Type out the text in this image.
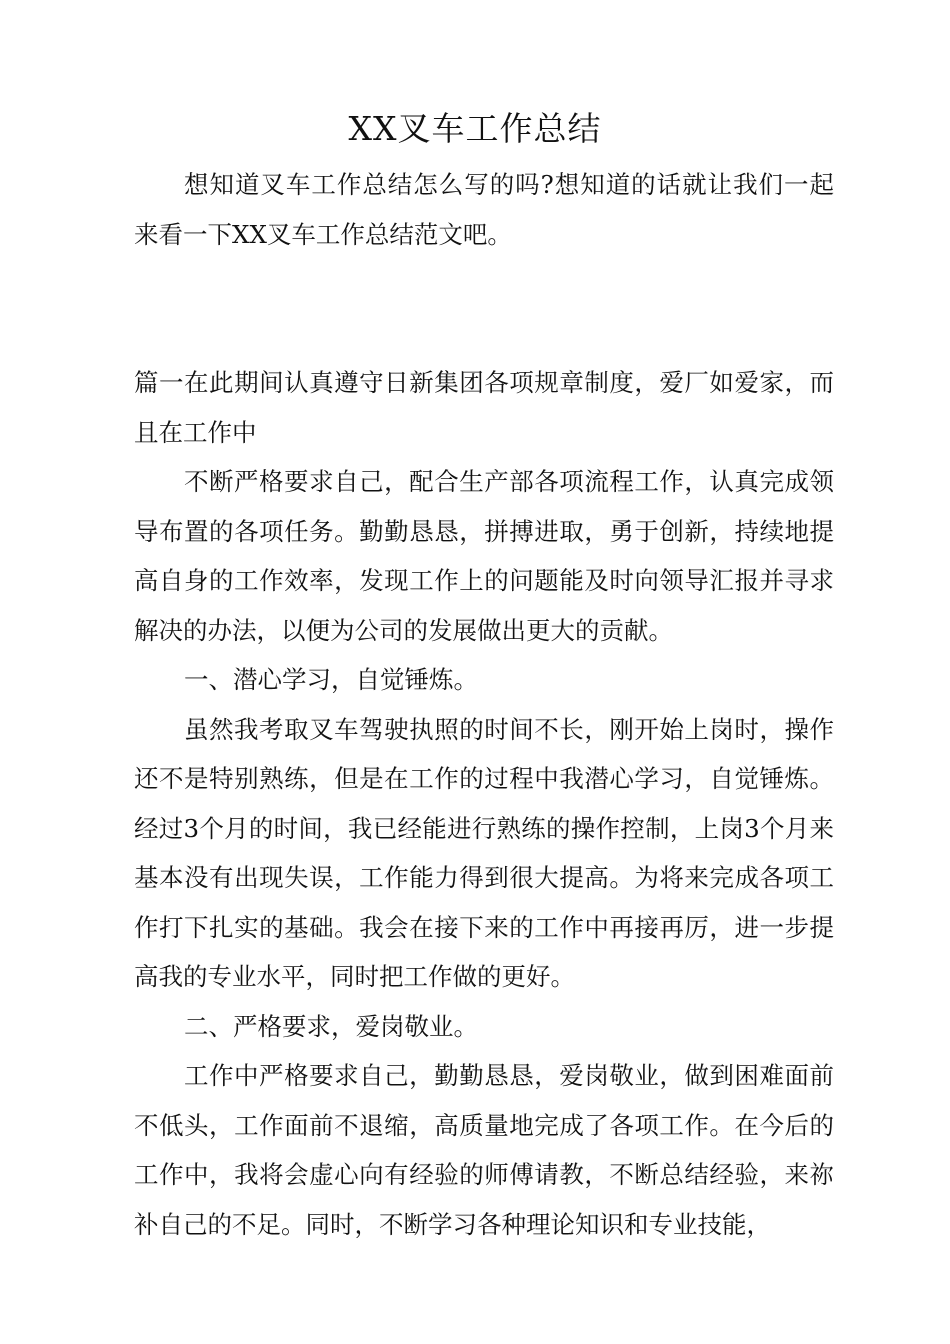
XX叉车工作总结

想知道叉车工作总结怎么写的吗?想知道的话就让我们一起来看一下XX叉车工作总结范文吧。

篇一在此期间认真遵守日新集团各项规章制度，爱厂如爱家，而且在工作中

不断严格要求自己，配合生产部各项流程工作，认真完成领导布置的各项任务。勤勤恳恳，拼搏进取，勇于创新，持续地提高自身的工作效率，发现工作上的问题能及时向领导汇报并寻求解决的办法，以便为公司的发展做出更大的贡献。

一、潜心学习，自觉锤炼。

虽然我考取叉车驾驶执照的时间不长，刚开始上岗时，操作还不是特别熟练，但是在工作的过程中我潜心学习，自觉锤炼。经过3个月的时间，我已经能进行熟练的操作控制，上岗3个月来基本没有出现失误，工作能力得到很大提高。为将来完成各项工作打下扎实的基础。我会在接下来的工作中再接再厉，进一步提高我的专业水平，同时把工作做的更好。

二、严格要求，爱岗敬业。

工作中严格要求自己，勤勤恳恳，爱岗敬业，做到困难面前不低头，工作面前不退缩，高质量地完成了各项工作。在今后的工作中，我将会虚心向有经验的师傅请教，不断总结经验，来祢补自己的不足。同时，不断学习各种理论知识和专业技能，
